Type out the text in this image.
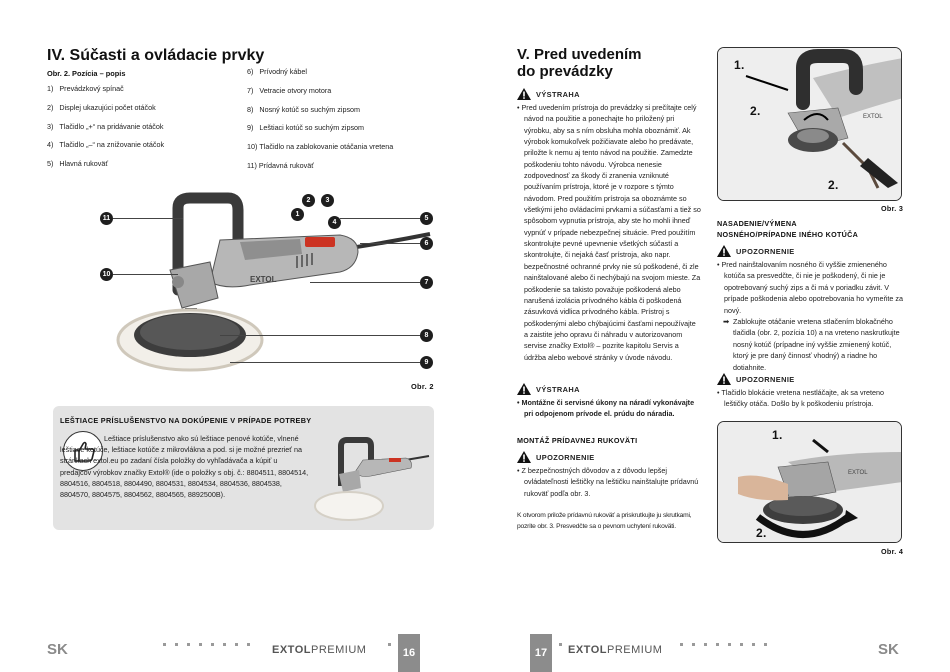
IV. Súčasti a ovládacie prvky
Obr. 2. Pozícia – popis
1)   Prevádzkový spínač
2)   Displej ukazujúci počet otáčok
3)   Tlačidlo „+“ na pridávanie otáčok
4)   Tlačidlo „–“ na znižovanie otáčok
5)   Hlavná rukoväť
6)   Prívodný kábel
7)   Vetracie otvory motora
8)   Nosný kotúč so suchým zipsom
9)   Leštiaci kotúč so suchým zipsom
10) Tlačidlo na zablokovanie otáčania vretena
11) Prídavná rukoväť
EXTOL
11
10
1
2	3
4
5
6
7
8
9
Obr. 2
LEŠTIACE PRÍSLUŠENSTVO NA DOKÚPENIE V PRÍPADE POTREBY
Leštiace príslušenstvo ako sú leštiace penové kotúče, vlnené leštiace kotúče, leštiace kotúče z mikrovlákna a pod. si je možné prezrieť na stránkach extol.eu po zadaní čísla položky do vyhľadávača a kúpiť u predajcov výrobkov značky Extol® (ide o položky s obj. č.: 8804511, 8804514, 8804516, 8804518, 8804490, 8804531, 8804534, 8804536, 8804538, 8804570, 8804575, 8804562, 8804565, 8892500B).
SK	EXTOLPREMIUM	16
V. Pred uvedením
do prevádzky
VÝSTRAHA
• Pred uvedením prístroja do prevádzky si prečítajte celý návod na použitie a ponechajte ho priložený pri výrobku, aby sa s ním obsluha mohla oboznámiť. Ak výrobok komukoľvek požičiavate alebo ho predávate, priložte k nemu aj tento návod na použitie. Zamedzte poškodeniu tohto návodu. Výrobca nenesie zodpovednosť za škody či zranenia vzniknuté používaním prístroja, ktoré je v rozpore s týmto návodom. Pred použitím prístroja sa oboznámte so všetkými jeho ovládacími prvkami a súčasťami a tiež so spôsobom vypnutia prístroja, aby ste ho mohli ihneď vypnúť v prípade nebezpečnej situácie. Pred použitím skontrolujte pevné upevnenie všetkých súčastí a skontrolujte, či nejaká časť prístroja, ako napr. bezpečnostné ochranné prvky nie sú poškodené, či zle nainštalované alebo či nechýbajú na svojom mieste. Za poškodenie sa takisto považuje poškodená alebo narušená izolácia prívodného kábla či poškodená zásuvková vidlica prívodného kábla. Prístroj s poškodenými alebo chýbajúcimi časťami nepoužívajte a zaistite jeho opravu či náhradu v autorizovanom servise značky Extol® – pozrite kapitolu Servis a údržba alebo webové stránky v úvode návodu.
VÝSTRAHA
• Montážne či servisné úkony na náradí vykonávajte pri odpojenom prívode el. prúdu do náradia.
MONTÁŽ PRÍDAVNEJ RUKOVÄTI
UPOZORNENIE
• Z bezpečnostných dôvodov a z dôvodu lepšej ovládateľnosti leštičky na leštičku nainštalujte prídavnú rukoväť podľa obr. 3.
K otvorom prilože prídavnú rukoväť a priskrutkujte ju skrutkami, pozrite obr. 3. Presvedčte sa o pevnom uchytení rukoväti.
EXTOL
1.
2.
2.
Obr. 3
NASADENIE/VÝMENA
NOSNÉHO/PRÍPADNE INÉHO KOTÚČA
UPOZORNENIE
• Pred nainštalovaním nosného či vyššie zmieneného kotúča sa presvedčte, či nie je poškodený, či nie je opotrebovaný suchý zips a či má v poriadku závit. V prípade poškodenia alebo opotrebovania ho vymeňte za nový.
➡ Zablokujte otáčanie vretena stlačením blokačného tlačidla (obr. 2, pozícia 10) a na vreteno naskrutkujte nosný kotúč (prípadne iný vyššie zmienený kotúč, ktorý je pre daný činnosť vhodný) a riadne ho dotiahnite.
UPOZORNENIE
• Tlačidlo blokácie vretena nestláčajte, ak sa vreteno leštičky otáča. Došlo by k poškodeniu prístroja.
EXTOL
1.
2.
Obr. 4
17	EXTOLPREMIUM	SK
